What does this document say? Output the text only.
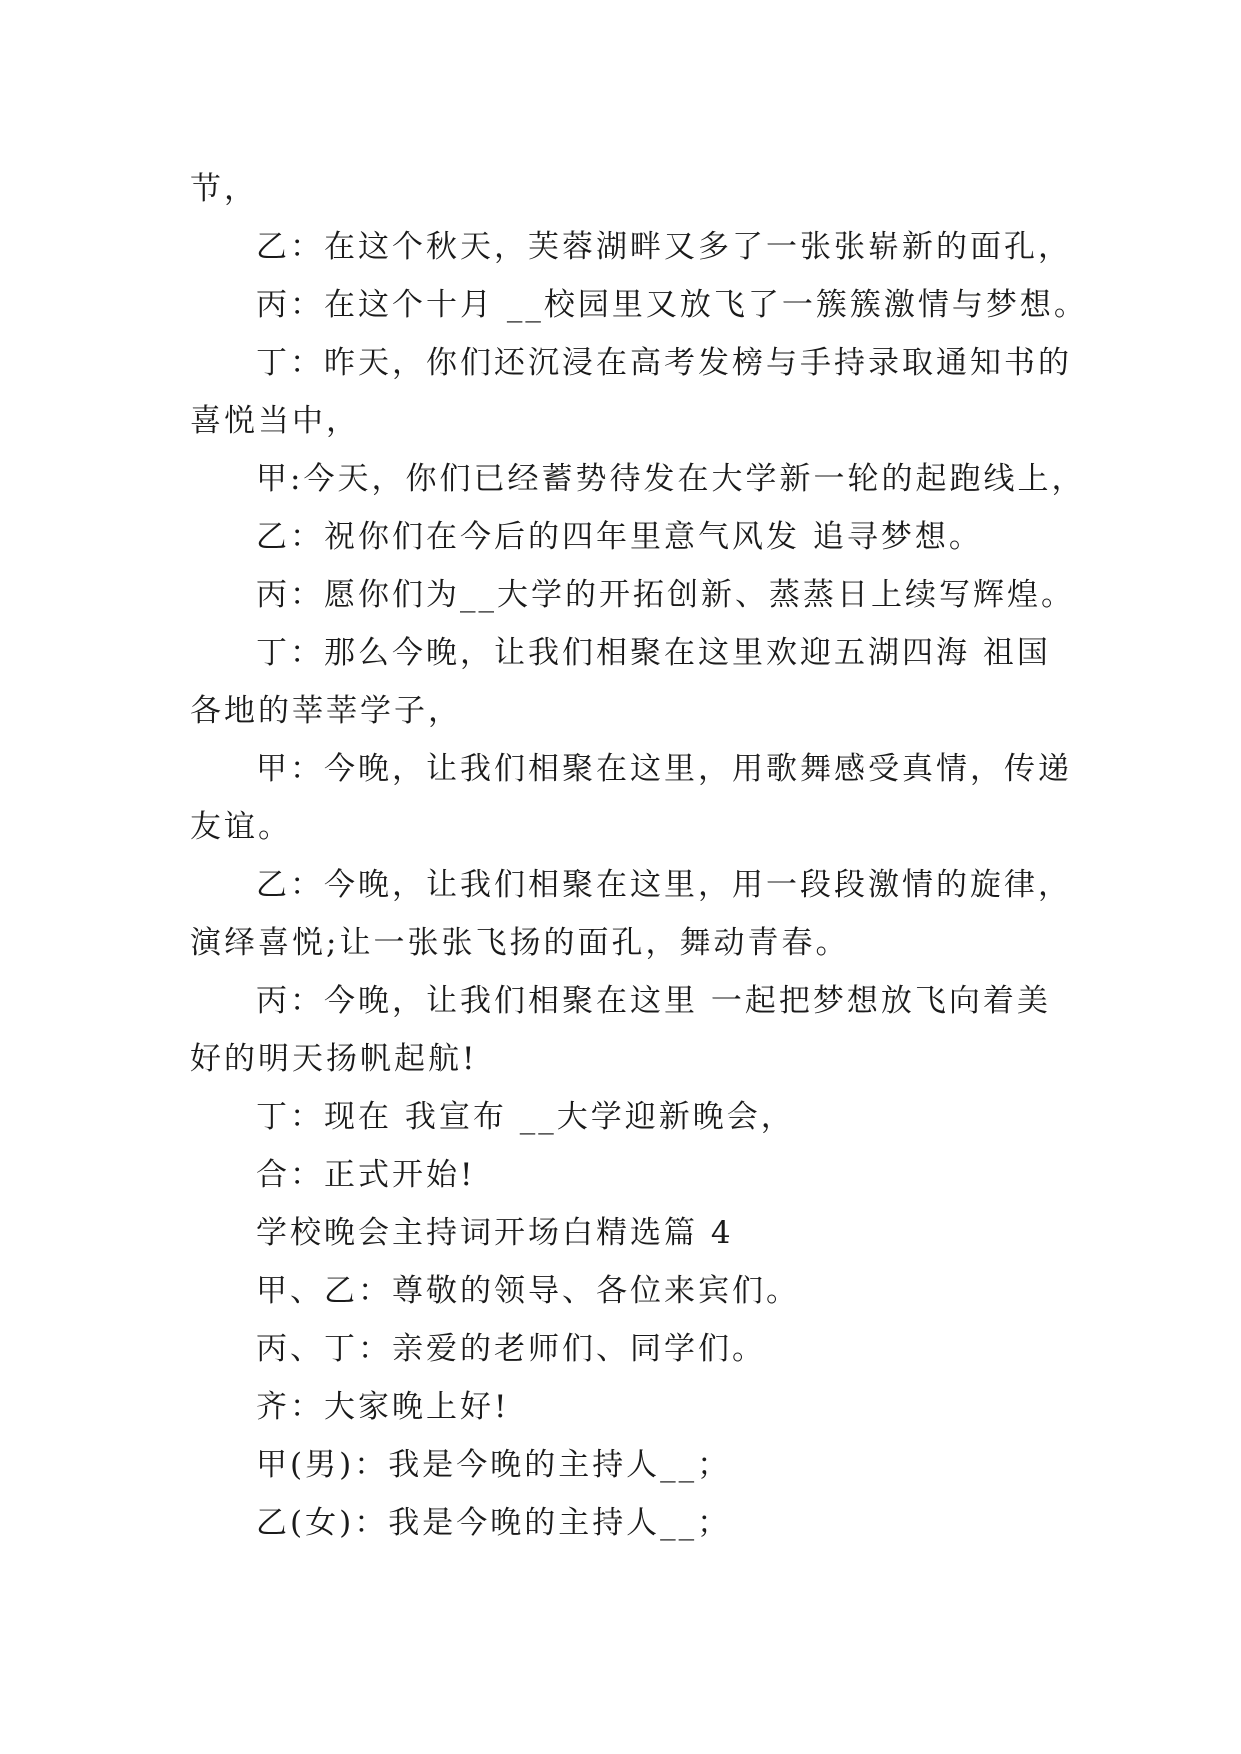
节，
乙：在这个秋天，芙蓉湖畔又多了一张张崭新的面孔，
丙：在这个十月 __校园里又放飞了一簇簇激情与梦想。
丁：昨天，你们还沉浸在高考发榜与手持录取通知书的
喜悦当中，
甲:今天，你们已经蓄势待发在大学新一轮的起跑线上，
乙：祝你们在今后的四年里意气风发 追寻梦想。
丙：愿你们为__大学的开拓创新、蒸蒸日上续写辉煌。
丁：那么今晚，让我们相聚在这里欢迎五湖四海 祖国
各地的莘莘学子，
甲：今晚，让我们相聚在这里，用歌舞感受真情，传递
友谊。
乙：今晚，让我们相聚在这里，用一段段激情的旋律，
演绎喜悦;让一张张飞扬的面孔，舞动青春。
丙：今晚，让我们相聚在这里 一起把梦想放飞向着美
好的明天扬帆起航!
丁：现在 我宣布 __大学迎新晚会，
合：正式开始!
学校晚会主持词开场白精选篇 4
甲、乙：尊敬的领导、各位来宾们。
丙、丁：亲爱的老师们、同学们。
齐：大家晚上好!
甲(男)：我是今晚的主持人__；
乙(女)：我是今晚的主持人__；
